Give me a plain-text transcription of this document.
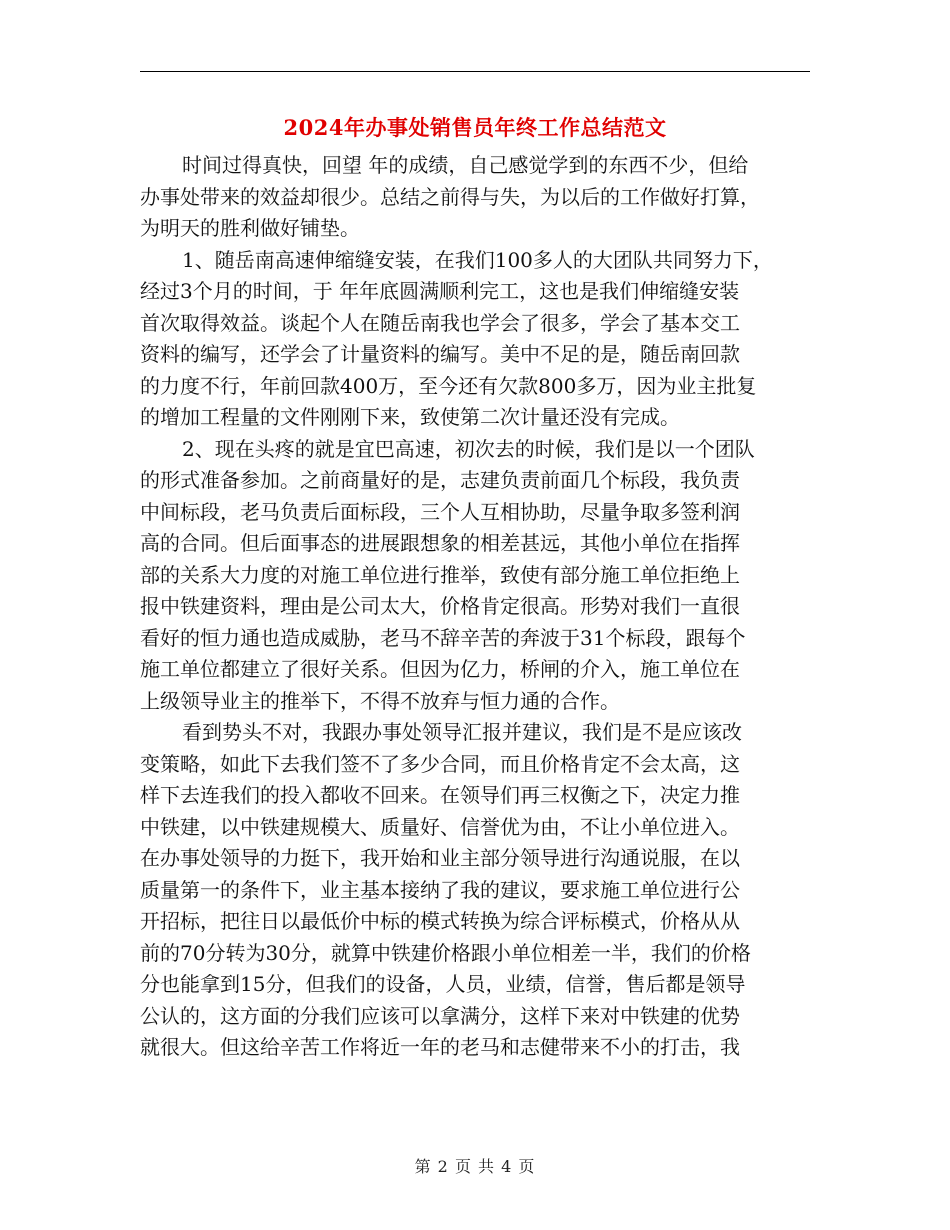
2024年办事处销售员年终工作总结范文

时间过得真快，回望 年的成绩，自己感觉学到的东西不少，但给
办事处带来的效益却很少。总结之前得与失，为以后的工作做好打算，
为明天的胜利做好铺垫。

1、随岳南高速伸缩缝安装，在我们100多人的大团队共同努力下，
经过3个月的时间，于 年年底圆满顺利完工，这也是我们伸缩缝安装
首次取得效益。谈起个人在随岳南我也学会了很多，学会了基本交工
资料的编写，还学会了计量资料的编写。美中不足的是，随岳南回款
的力度不行，年前回款400万，至今还有欠款800多万，因为业主批复
的增加工程量的文件刚刚下来，致使第二次计量还没有完成。

2、现在头疼的就是宜巴高速，初次去的时候，我们是以一个团队
的形式准备参加。之前商量好的是，志建负责前面几个标段，我负责
中间标段，老马负责后面标段，三个人互相协助，尽量争取多签利润
高的合同。但后面事态的进展跟想象的相差甚远，其他小单位在指挥
部的关系大力度的对施工单位进行推举，致使有部分施工单位拒绝上
报中铁建资料，理由是公司太大，价格肯定很高。形势对我们一直很
看好的恒力通也造成威胁，老马不辞辛苦的奔波于31个标段，跟每个
施工单位都建立了很好关系。但因为亿力，桥闸的介入，施工单位在
上级领导业主的推举下，不得不放弃与恒力通的合作。

看到势头不对，我跟办事处领导汇报并建议，我们是不是应该改
变策略，如此下去我们签不了多少合同，而且价格肯定不会太高，这
样下去连我们的投入都收不回来。在领导们再三权衡之下，决定力推
中铁建，以中铁建规模大、质量好、信誉优为由，不让小单位进入。
在办事处领导的力挺下，我开始和业主部分领导进行沟通说服，在以
质量第一的条件下，业主基本接纳了我的建议，要求施工单位进行公
开招标，把往日以最低价中标的模式转换为综合评标模式，价格从从
前的70分转为30分，就算中铁建价格跟小单位相差一半，我们的价格
分也能拿到15分，但我们的设备，人员，业绩，信誉，售后都是领导
公认的，这方面的分我们应该可以拿满分，这样下来对中铁建的优势
就很大。但这给辛苦工作将近一年的老马和志健带来不小的打击，我

第 2 页 共 4 页
